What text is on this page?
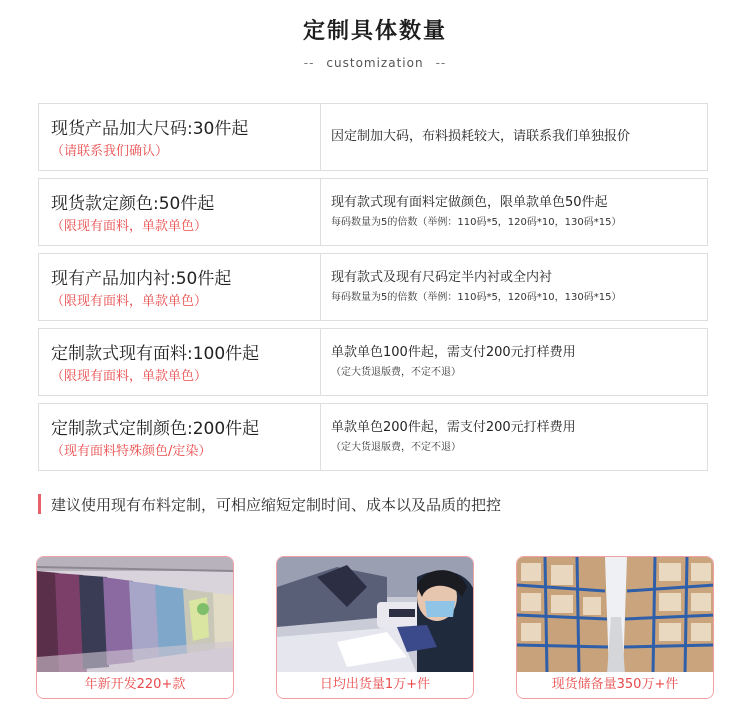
定制具体数量
-- customization --
现货产品加大尺码:30件起
（请联系我们确认）
因定制加大码，布料损耗较大，请联系我们单独报价
现货款定颜色:50件起
（限现有面料，单款单色）
现有款式现有面料定做颜色，限单款单色50件起
每码数量为5的倍数（举例：110码*5，120码*10，130码*15）
现有产品加内衬:50件起
（限现有面料，单款单色）
现有款式及现有尺码定半内衬或全内衬
每码数量为5的倍数（举例：110码*5，120码*10，130码*15）
定制款式现有面料:100件起
（限现有面料，单款单色）
单款单色100件起，需支付200元打样费用
（定大货退版费，不定不退）
定制款式定制颜色:200件起
（现有面料特殊颜色/定染）
单款单色200件起，需支付200元打样费用
（定大货退版费，不定不退）
建议使用现有布料定制，可相应缩短定制时间、成本以及品质的把控
年新开发220+款	日均出货量1万+件	现货储备量350万+件
